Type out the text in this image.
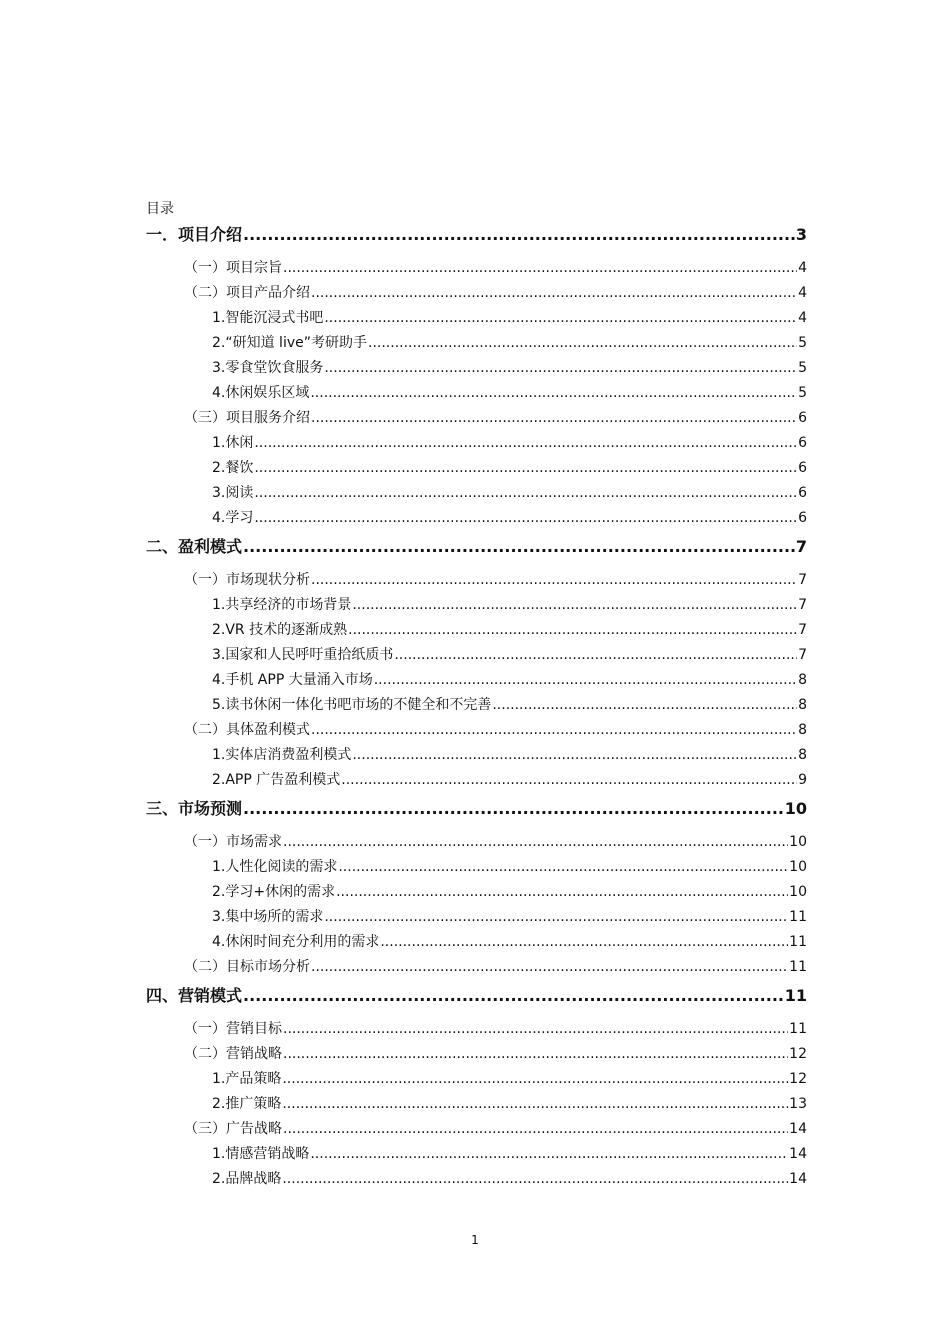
目录
一．项目介绍 .....	3
（一）项目宗旨 .....	4
（二）项目产品介绍 .....	4
1.智能沉浸式书吧 .....	4
2.“研知道 live”考研助手 .....	5
3.零食堂饮食服务 .....	5
4.休闲娱乐区域 .....	5
（三）项目服务介绍 .....	6
1.休闲 .....	6
2.餐饮 .....	6
3.阅读 .....	6
4.学习 .....	6
二、盈利模式 .....	7
（一）市场现状分析 .....	7
1.共享经济的市场背景 .....	7
2.VR 技术的逐渐成熟 .....	7
3.国家和人民呼吁重拾纸质书 .....	7
4.手机 APP 大量涌入市场 .....	8
5.读书休闲一体化书吧市场的不健全和不完善 .....	8
（二）具体盈利模式 .....	8
1.实体店消费盈利模式 .....	8
2.APP 广告盈利模式 .....	9
三、市场预测 .....	10
（一）市场需求 .....	10
1.人性化阅读的需求 .....	10
2.学习+休闲的需求 .....	10
3.集中场所的需求 .....	11
4.休闲时间充分利用的需求 .....	11
（二）目标市场分析 .....	11
四、营销模式 .....	11
（一）营销目标 .....	11
（二）营销战略 .....	12
1.产品策略 .....	12
2.推广策略 .....	13
（三）广告战略 .....	14
1.情感营销战略 .....	14
2.品牌战略 .....	14
1
